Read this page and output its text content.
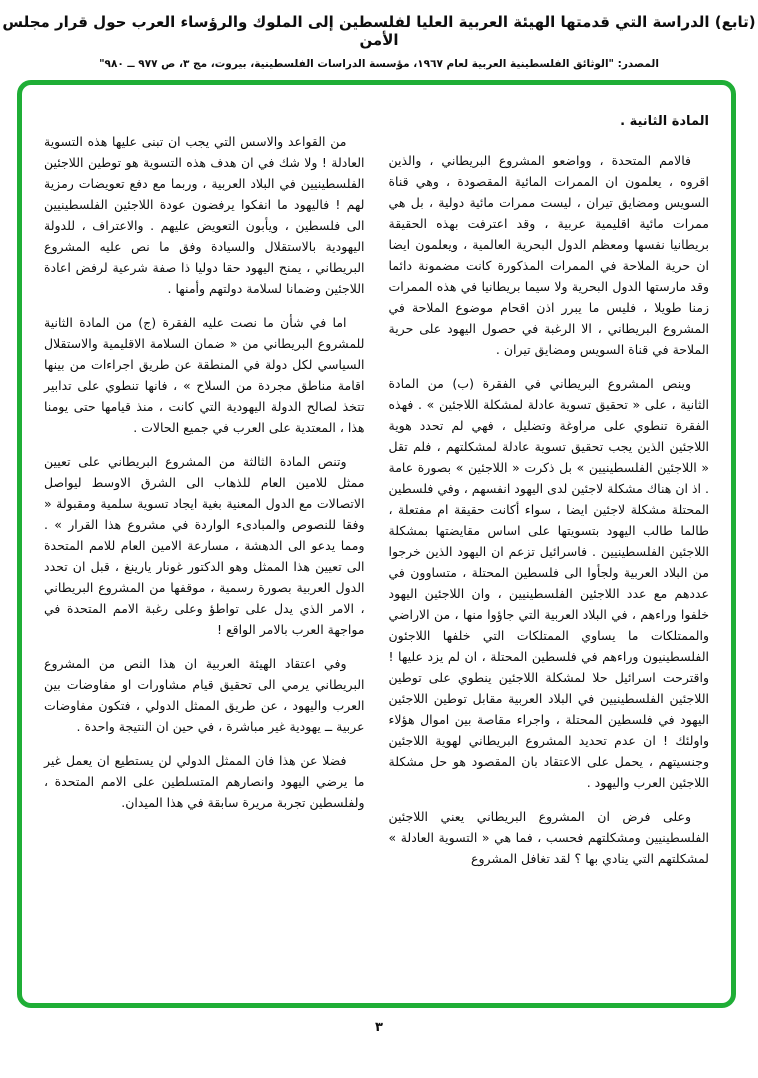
(تابع) الدراسة التي قدمتها الهيئة العربية العليا لفلسطين إلى الملوك والرؤساء العرب حول قرار مجلس الأمن
المصدر: "الوثائق الفلسطينية العربية لعام ١٩٦٧، مؤسسة الدراسات الفلسطينية، بيروت، مج ٣، ص ٩٧٧ ــ ٩٨٠"
المادة الثانية .

فالامم المتحدة ، وواضعو المشروع البريطاني ، والذين اقروه ، يعلمون ان الممرات المائية المقصودة ، وهي قناة السويس ومضايق تيران ، ليست ممرات مائية دولية ، بل هي ممرات مائية اقليمية عربية ، وقد اعترفت بهذه الحقيقة بريطانيا نفسها ومعظم الدول البحرية العالمية ، ويعلمون ايضا ان حرية الملاحة في الممرات المذكورة كانت مضمونة دائما وقد مارستها الدول البحرية ولا سيما بريطانيا في هذه الممرات زمنا طويلا ، فليس ما يبرر اذن اقحام موضوع الملاحة في المشروع البريطاني ، الا الرغبة في حصول اليهود على حرية الملاحة في قناة السويس ومضايق تيران .

وينص المشروع البريطاني في الفقرة (ب) من المادة الثانية ، على « تحقيق تسوية عادلة لمشكلة اللاجئين » . فهذه الفقرة تنطوي على مراوغة وتضليل ، فهي لم تحدد هوية اللاجئين الذين يجب تحقيق تسوية عادلة لمشكلتهم ، فلم تقل « اللاجئين الفلسطينيين » بل ذكرت « اللاجئين » بصورة عامة . اذ ان هناك مشكلة لاجئين لدى اليهود انفسهم ، وفي فلسطين المحتلة مشكلة لاجئين ايضا ، سواء أكانت حقيقة ام مفتعلة ، طالما طالب اليهود بتسويتها على اساس مقايضتها بمشكلة اللاجئين الفلسطينيين . فاسرائيل تزعم ان اليهود الذين خرجوا من البلاد العربية ولجأوا الى فلسطين المحتلة ، متساوون في عددهم مع عدد اللاجئين الفلسطينيين ، وان اللاجئين اليهود خلفوا وراءهم ، في البلاد العربية التي جاؤوا منها ، من الاراضي والممتلكات ما يساوي الممتلكات التي خلفها اللاجئون الفلسطينيون وراءهم في فلسطين المحتلة ، ان لم يزد عليها ! واقترحت اسرائيل حلا لمشكلة اللاجئين ينطوي على توطين اللاجئين الفلسطينيين في البلاد العربية مقابل توطين اللاجئين اليهود في فلسطين المحتلة ، واجراء مقاصة بين اموال هؤلاء واولئك ! ان عدم تحديد المشروع البريطاني لهوية اللاجئين وجنسيتهم ، يحمل على الاعتقاد بان المقصود هو حل مشكلة اللاجئين العرب واليهود .

وعلى فرض ان المشروع البريطاني يعني اللاجئين الفلسطينيين ومشكلتهم فحسب ، فما هي « التسوية العادلة » لمشكلتهم التي ينادي بها ؟ لقد تغافل المشروع

من القواعد والاسس التي يجب ان تبنى عليها هذه التسوية العادلة ! ولا شك في ان هدف هذه التسوية هو توطين اللاجئين الفلسطينيين في البلاد العربية ، وربما مع دفع تعويضات رمزية لهم ! فاليهود ما انفكوا يرفضون عودة اللاجئين الفلسطينيين الى فلسطين ، ويأبون التعويض عليهم . والاعتراف ، للدولة اليهودية بالاستقلال والسيادة وفق ما نص عليه المشروع البريطاني ، يمنح اليهود حقا دوليا ذا صفة شرعية لرفض اعادة اللاجئين وضمانا لسلامة دولتهم وأمنها .

اما في شأن ما نصت عليه الفقرة (ج) من المادة الثانية للمشروع البريطاني من « ضمان السلامة الاقليمية والاستقلال السياسي لكل دولة في المنطقة عن طريق اجراءات من بينها اقامة مناطق مجردة من السلاح » ، فانها تنطوي على تدابير تتخذ لصالح الدولة اليهودية التي كانت ، منذ قيامها حتى يومنا هذا ، المعتدية على العرب في جميع الحالات .

وتنص المادة الثالثة من المشروع البريطاني على تعيين ممثل للامين العام للذهاب الى الشرق الاوسط ليواصل الاتصالات مع الدول المعنية بغية ايجاد تسوية سلمية ومقبولة « وفقا للنصوص والمبادىء الواردة في مشروع هذا القرار » . ومما يدعو الى الدهشة ، مسارعة الامين العام للامم المتحدة الى تعيين هذا الممثل وهو الدكتور غونار يارينغ ، قبل ان تحدد الدول العربية بصورة رسمية ، موقفها من المشروع البريطاني ، الامر الذي يدل على تواطؤ وعلى رغبة الامم المتحدة في مواجهة العرب بالامر الواقع !

وفي اعتقاد الهيئة العربية ان هذا النص من المشروع البريطاني يرمي الى تحقيق قيام مشاورات او مفاوضات بين العرب واليهود ، عن طريق الممثل الدولي ، فتكون مفاوضات عربية ــ يهودية غير مباشرة ، في حين ان النتيجة واحدة .

فضلا عن هذا فان الممثل الدولي لن يستطيع ان يعمل غير ما يرضي اليهود وانصارهم المتسلطين على الامم المتحدة ، ولفلسطين تجربة مريرة سابقة في هذا الميدان.

٣
